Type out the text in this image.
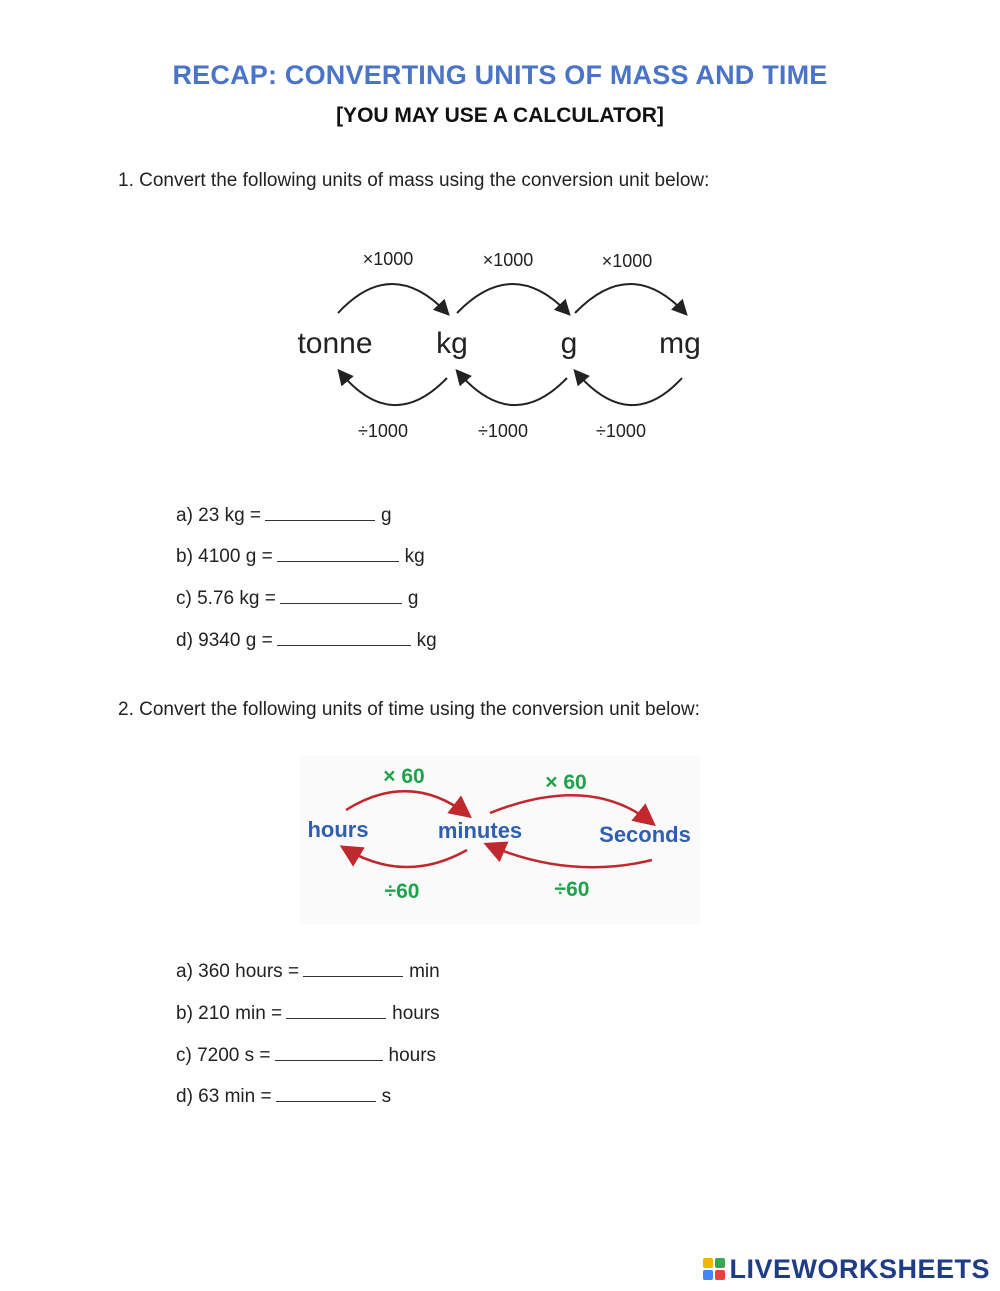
RECAP: CONVERTING UNITS OF MASS AND TIME
[YOU MAY USE A CALCULATOR]
1. Convert the following units of mass using the conversion unit below:
×1000	×1000	×1000
tonne kg	g	mg
÷1000	÷1000	÷1000
a) 23 kg =	g
b) 4100 g =	kg
c) 5.76 kg =	g
d) 9340 g =	kg
2. Convert the following units of time using the conversion unit below:
× 60	× 60
hours	minutes	Seconds
÷60	÷60
a) 360 hours =	min
b) 210 min =	hours
c) 7200 s =	hours
d) 63 min =	s
LIVEWORKSHEETS
